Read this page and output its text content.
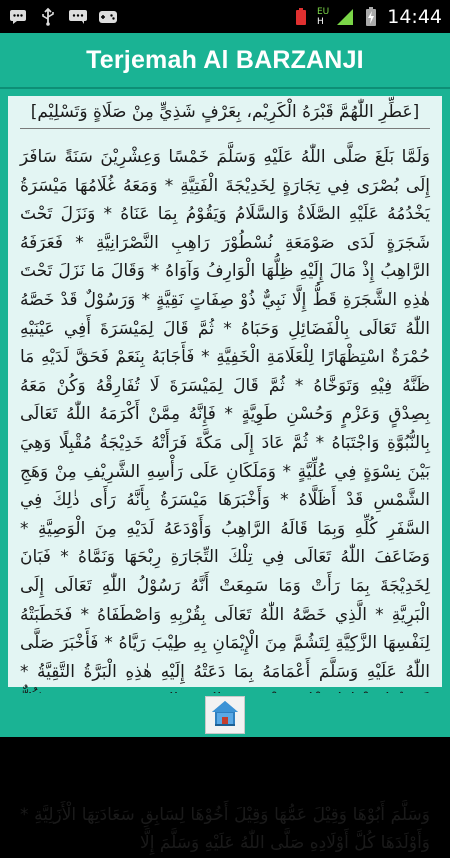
EU
H	14:44
Terjemah Al BARZANJI
[عَطِّرِ اللّٰهُمَّ قَبْرَهُ الْكَرِيْم، بِعَرْفٍ شَذِيٍّ مِنْ صَلَاةٍ وَتَسْلِيْم]
وَلَمَّا بَلَغَ صَلَّى اللّٰهُ عَلَيْهِ وَسَلَّمَ خَمْسًا وَعِشْرِيْنَ سَنَةً سَافَرَ إِلَى بُصْرَى فِي تِجَارَةٍ لِخَدِيْجَةَ الْفَتِيَّةِ * وَمَعَهُ غُلَامُهَا مَيْسَرَةُ يَخْدُمُهُ عَلَيْهِ الصَّلَاةُ وَالسَّلَامُ وَيَقُوْمُ بِمَا عَنَاهُ * وَنَزَلَ تَحْتَ شَجَرَةٍ لَدَى صَوْمَعَةِ نُسْطُوْرَ رَاهِبِ النَّصْرَانِيَّةِ * فَعَرَفَهُ الرَّاهِبُ إِذْ مَالَ إِلَيْهِ ظِلُّهَا الْوَارِفُ وَآوَاهُ * وَقَالَ مَا نَزَلَ تَحْتَ هٰذِهِ الشَّجَرَةِ قَطُّ إِلَّا نَبِيٌّ ذُوْ صِفَاتٍ نَقِيَّةٍ * وَرَسُوْلٌ قَدْ خَصَّهُ اللّٰهُ تَعَالَى بِالْفَضَائِلِ وَحَبَاهُ * ثُمَّ قَالَ لِمَيْسَرَةَ أَفِي عَيْنَيْهِ حُمْرَةٌ اسْتِظْهَارًا لِلْعَلَامَةِ الْخَفِيَّةِ * فَأَجَابَهُ بِنَعَمْ فَحَقَّ لَدَيْهِ مَا ظَنَّهُ فِيْهِ وَتَوَخَّاهُ * ثُمَّ قَالَ لِمَيْسَرَةَ لَا تُفَارِقْهُ وَكُنْ مَعَهُ بِصِدْقٍ وَعَزْمٍ وَحُسْنِ طَوِيَّةٍ * فَإِنَّهُ مِمَّنْ أَكْرَمَهُ اللّٰهُ تَعَالَى بِالنُّبُوَّةِ وَاجْتَبَاهُ * ثُمَّ عَادَ إِلَى مَكَّةَ فَرَأَتْهُ خَدِيْجَةُ مُقْبِلًا وَهِيَ بَيْنَ نِسْوَةٍ فِي عُلِّيَّةٍ * وَمَلَكَانِ عَلَى رَأْسِهِ الشَّرِيْفِ مِنْ وَهَجِ الشَّمْسِ قَدْ أَظَلَّاهُ * وَأَخْبَرَهَا مَيْسَرَةُ بِأَنَّهُ رَأَى ذٰلِكَ فِي السَّفَرِ كُلِّهِ وَبِمَا قَالَهُ الرَّاهِبُ وَأَوْدَعَهُ لَدَيْهِ مِنَ الْوَصِيَّةِ * وَضَاعَفَ اللّٰهُ تَعَالَى فِي تِلْكَ التِّجَارَةِ رِبْحَهَا وَنَمَّاهُ * فَبَانَ لِخَدِيْجَةَ بِمَا رَأَتْ وَمَا سَمِعَتْ أَنَّهُ رَسُوْلُ اللّٰهِ تَعَالَى إِلَى الْبَرِيَّةِ * الَّذِي خَصَّهُ اللّٰهُ تَعَالَى بِقُرْبِهِ وَاصْطَفَاهُ * فَخَطَبَتْهُ لِنَفْسِهَا الزَّكِيَّةِ لِتَشُمَّ مِنَ الْإِيْمَانِ بِهِ طِيْبَ رَيَّاهُ * فَأَخْبَرَ صَلَّى اللّٰهُ عَلَيْهِ وَسَلَّمَ أَعْمَامَهُ بِمَا دَعَتْهُ إِلَيْهِ هٰذِهِ الْبَرَّةُ التَّقِيَّةُ * وَسَلَّمَ أَبُوْهَا وَقِيْلَ عَمُّهَا وَقِيْلَ أَخُوْهَا لِسَابِقِ سَعَادَتِهَا الْأَزَلِيَّةِ * وَأَوْلَدَهَا كُلَّ أَوْلَادِهِ صَلَّى اللّٰهُ عَلَيْهِ وَسَلَّمَ إِلَّا
